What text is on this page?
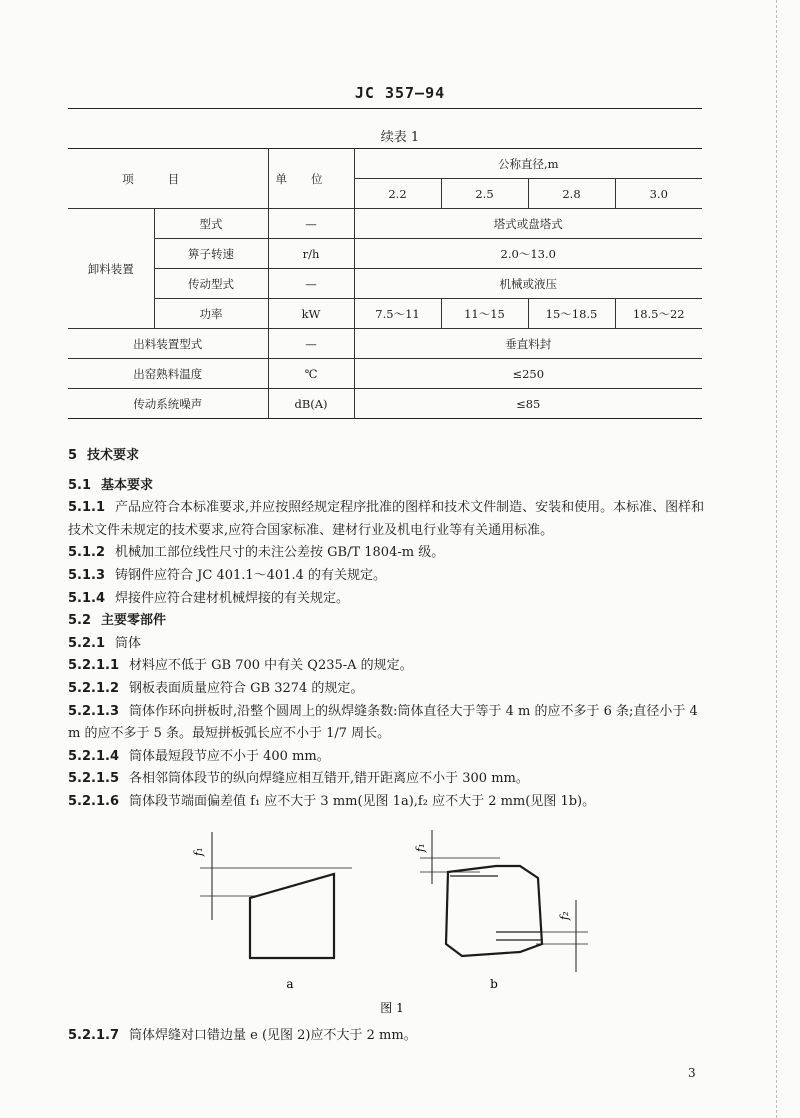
JC 357—94
续表 1
项目		单位	公称直径,m			
			2.2	2.5	2.8	3.0
卸料装置	型式	—	塔式或盘塔式			
	箅子转速	r/h	2.0～13.0			
	传动型式	—	机械或液压			
	功率	kW	7.5～11	11～15	15～18.5	18.5～22
出料装置型式		—	垂直料封			
出窑熟料温度		℃	≤250			
传动系统噪声		dB(A)	≤85			

5 技术要求

5.1 基本要求

5.1.1 产品应符合本标准要求,并应按照经规定程序批准的图样和技术文件制造、安装和使用。本标准、图样和技术文件未规定的技术要求,应符合国家标准、建材行业及机电行业等有关通用标准。

5.1.2 机械加工部位线性尺寸的未注公差按 GB/T 1804-m 级。

5.1.3 铸钢件应符合 JC 401.1～401.4 的有关规定。

5.1.4 焊接件应符合建材机械焊接的有关规定。

5.2 主要零部件

5.2.1 筒体

5.2.1.1 材料应不低于 GB 700 中有关 Q235-A 的规定。

5.2.1.2 钢板表面质量应符合 GB 3274 的规定。

5.2.1.3 筒体作环向拼板时,沿整个圆周上的纵焊缝条数:筒体直径大于等于 4 m 的应不多于 6 条;直径小于 4 m 的应不多于 5 条。最短拼板弧长应不小于 1/7 周长。

5.2.1.4 筒体最短段节应不小于 400 mm。

5.2.1.5 各相邻筒体段节的纵向焊缝应相互错开,错开距离应不小于 300 mm。

5.2.1.6 筒体段节端面偏差值 f₁ 应不大于 3 mm(见图 1a),f₂ 应不大于 2 mm(见图 1b)。

f₁
a
f₁
f₂
b
图 1
5.2.1.7 筒体焊缝对口错边量 e (见图 2)应不大于 2 mm。
3
